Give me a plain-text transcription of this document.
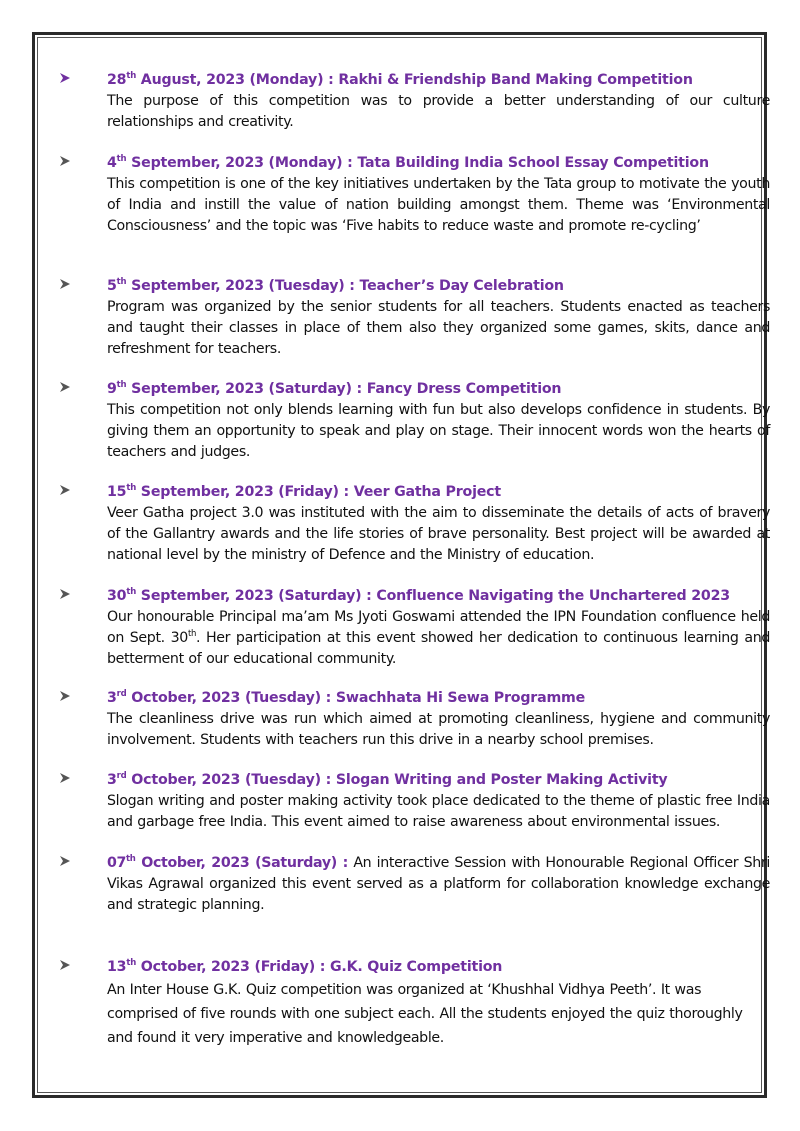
28th August, 2023 (Monday) : Rakhi & Friendship Band Making Competition
The purpose of this competition was to provide a better understanding of our culture relationships and creativity.
4th September, 2023 (Monday) : Tata Building India School Essay Competition
This competition is one of the key initiatives undertaken by the Tata group to motivate the youth of India and instill the value of nation building amongst them. Theme was ‘Environmental Consciousness’ and the topic was ‘Five habits to reduce waste and promote re-cycling’
5th September, 2023 (Tuesday) : Teacher’s Day Celebration
Program was organized by the senior students for all teachers. Students enacted as teachers and taught their classes in place of them also they organized some games, skits, dance and refreshment for teachers.
9th September, 2023 (Saturday) : Fancy Dress Competition
This competition not only blends learning with fun but also develops confidence in students. By giving them an opportunity to speak and play on stage. Their innocent words won the hearts of teachers and judges.
15th September, 2023 (Friday) : Veer Gatha Project
Veer Gatha project 3.0 was instituted with the aim to disseminate the details of acts of bravery of the Gallantry awards and the life stories of brave personality. Best project will be awarded at national level by the ministry of Defence and the Ministry of education.
30th September, 2023 (Saturday) : Confluence Navigating the Unchartered 2023
Our honourable Principal ma’am Ms Jyoti Goswami attended the IPN Foundation confluence held on Sept. 30th. Her participation at this event showed her dedication to continuous learning and betterment of our educational community.
3rd October, 2023 (Tuesday) : Swachhata Hi Sewa Programme
The cleanliness drive was run which aimed at promoting cleanliness, hygiene and community involvement. Students with teachers run this drive in a nearby school premises.
3rd October, 2023 (Tuesday) : Slogan Writing and Poster Making Activity
Slogan writing and poster making activity took place dedicated to the theme of plastic free India and garbage free India. This event aimed to raise awareness about environmental issues.
07th October, 2023 (Saturday) : An interactive Session with Honourable Regional Officer Shri Vikas Agrawal organized this event served as a platform for collaboration knowledge exchange and strategic planning.
13th October, 2023 (Friday) : G.K. Quiz Competition
An Inter House G.K. Quiz competition was organized at ‘Khushhal Vidhya Peeth’. It was comprised of five rounds with one subject each. All the students enjoyed the quiz thoroughly and found it very imperative and knowledgeable.
